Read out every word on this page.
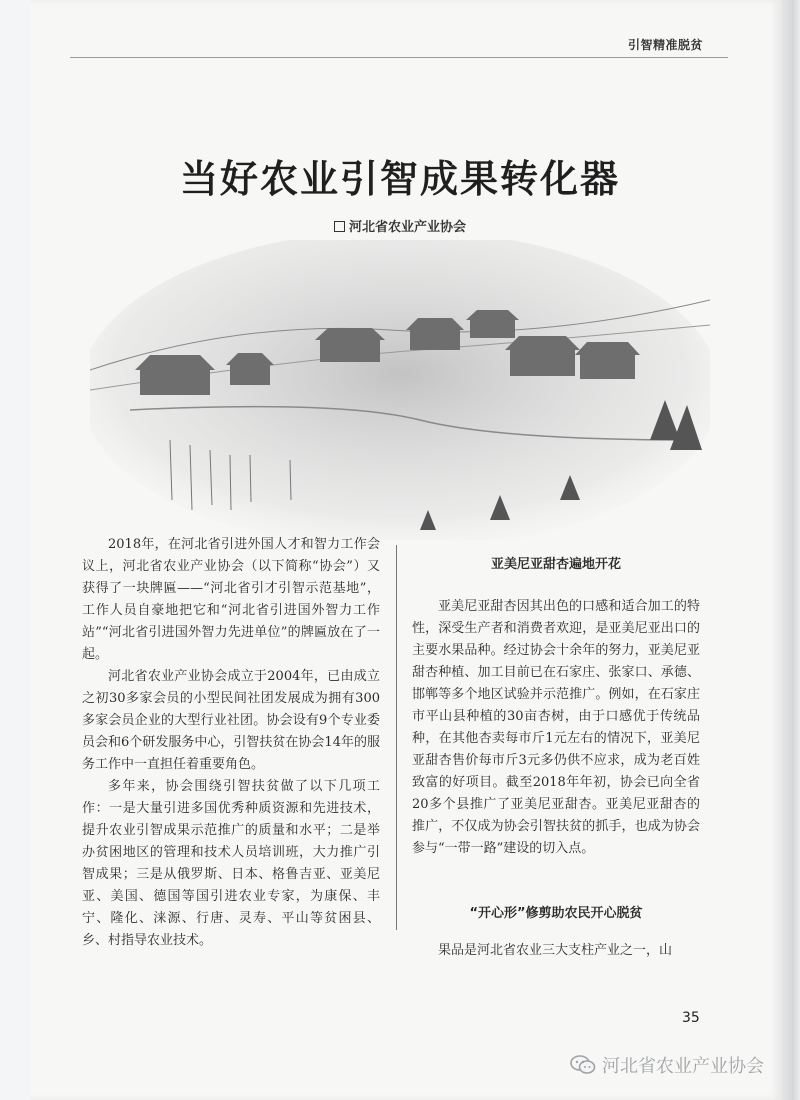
引智精准脱贫
当好农业引智成果转化器
河北省农业产业协会

2018年，在河北省引进外国人才和智力工作会议上，河北省农业产业协会（以下简称“协会”）又获得了一块牌匾——“河北省引才引智示范基地”，工作人员自豪地把它和“河北省引进国外智力工作站”“河北省引进国外智力先进单位”的牌匾放在了一起。

河北省农业产业协会成立于2004年，已由成立之初30多家会员的小型民间社团发展成为拥有300多家会员企业的大型行业社团。协会设有9个专业委员会和6个研发服务中心，引智扶贫在协会14年的服务工作中一直担任着重要角色。

多年来，协会围绕引智扶贫做了以下几项工作：一是大量引进多国优秀种质资源和先进技术，提升农业引智成果示范推广的质量和水平；二是举办贫困地区的管理和技术人员培训班，大力推广引智成果；三是从俄罗斯、日本、格鲁吉亚、亚美尼亚、美国、德国等国引进农业专家，为康保、丰宁、隆化、涞源、行唐、灵寿、平山等贫困县、乡、村指导农业技术。

亚美尼亚甜杏遍地开花

亚美尼亚甜杏因其出色的口感和适合加工的特性，深受生产者和消费者欢迎，是亚美尼亚出口的主要水果品种。经过协会十余年的努力，亚美尼亚甜杏种植、加工目前已在石家庄、张家口、承德、邯郸等多个地区试验并示范推广。例如，在石家庄市平山县种植的30亩杏树，由于口感优于传统品种，在其他杏卖每市斤1元左右的情况下，亚美尼亚甜杏售价每市斤3元多仍供不应求，成为老百姓致富的好项目。截至2018年年初，协会已向全省20多个县推广了亚美尼亚甜杏。亚美尼亚甜杏的推广，不仅成为协会引智扶贫的抓手，也成为协会参与“一带一路”建设的切入点。

“开心形”修剪助农民开心脱贫

果品是河北省农业三大支柱产业之一，山

35
河北省农业产业协会
